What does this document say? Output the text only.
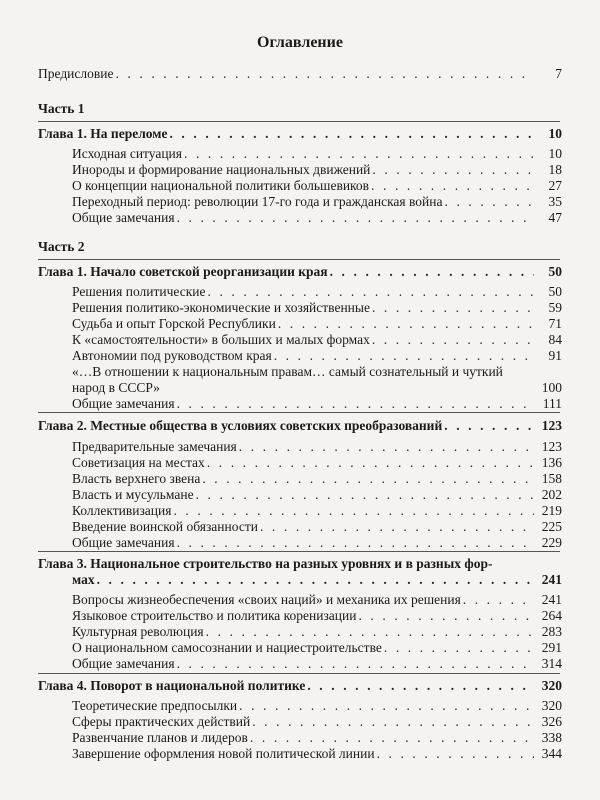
Оглавление
Предисловие . . .	7
Часть 1
Глава 1. На переломе . . .	10
Исходная ситуация . . .	10
Инороды и формирование национальных движений . . .	18
О концепции национальной политики большевиков . . .	27
Переходный период: революции 17-го года и гражданская война . . .	35
Общие замечания . . .	47
Часть 2
Глава 1. Начало советской реорганизации края . . .	50
Решения политические . . .	50
Решения политико-экономические и хозяйственные . . .	59
Судьба и опыт Горской Республики . . .	71
К «самостоятельности» в больших и малых формах . . .	84
Автономии под руководством края . . .	91
«…В отношении к национальным правам… самый сознательный и чуткий
народ в СССР»	100
Общие замечания . . .	111
Глава 2. Местные общества в условиях советских преобразований . . .	123
Предварительные замечания . . .	123
Советизация на местах . . .	136
Власть верхнего звена . . .	158
Власть и мусульмане . . .	202
Коллективизация . . .	219
Введение воинской обязанности . . .	225
Общие замечания . . .	229
Глава 3. Национальное строительство на разных уровнях и в разных фор-
мах . . .	241
Вопросы жизнеобеспечения «своих наций» и механика их решения . . .	241
Языковое строительство и политика коренизации . . .	264
Культурная революция . . .	283
О национальном самосознании и нациестроительстве . . .	291
Общие замечания . . .	314
Глава 4. Поворот в национальной политике . . .	320
Теоретические предпосылки . . .	320
Сферы практических действий . . .	326
Развенчание планов и лидеров . . .	338
Завершение оформления новой политической линии . . .	344
